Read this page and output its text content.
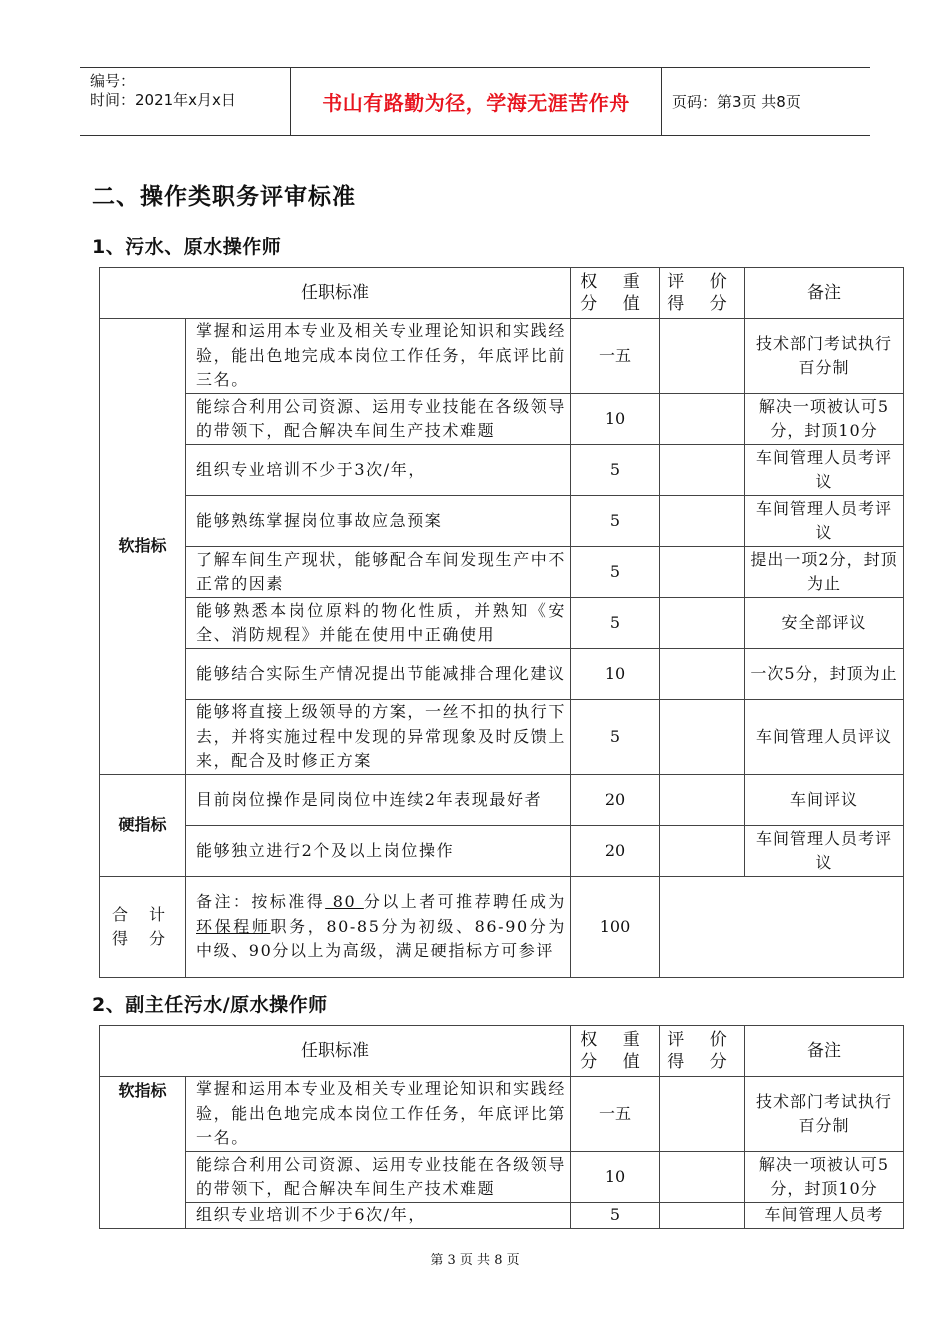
编号：
时间：2021年x月x日	书山有路勤为径，学海无涯苦作舟	页码：第3页 共8页
二、操作类职务评审标准
1、污水、原水操作师
任职标准		权 重 分 值	评 价 得 分	备注
软指标	掌握和运用本专业及相关专业理论知识和实践经验，能出色地完成本岗位工作任务，年底评比前三名。	一五		技术部门考试执行百分制
	能综合利用公司资源、运用专业技能在各级领导的带领下，配合解决车间生产技术难题	10		解决一项被认可5分，封顶10分
	组织专业培训不少于3次/年，	5		车间管理人员考评议
	能够熟练掌握岗位事故应急预案	5		车间管理人员考评议
	了解车间生产现状，能够配合车间发现生产中不正常的因素	5		提出一项2分，封顶为止
	能够熟悉本岗位原料的物化性质，并熟知《安全、消防规程》并能在使用中正确使用	5		安全部评议
	能够结合实际生产情况提出节能减排合理化建议	10		一次5分，封顶为止
	能够将直接上级领导的方案，一丝不扣的执行下去，并将实施过程中发现的异常现象及时反馈上来，配合及时修正方案	5		车间管理人员评议
硬指标	目前岗位操作是同岗位中连续2年表现最好者	20		车间评议
	能够独立进行2个及以上岗位操作	20		车间管理人员考评议
合 计 得 分	备注：按标准得 80 分以上者可推荐聘任成为环保程师职务，80-85分为初级、86-90分为中级、90分以上为高级，满足硬指标方可参评	100		
2、副主任污水/原水操作师
任职标准		权 重 分 值	评 价 得 分	备注
软指标	掌握和运用本专业及相关专业理论知识和实践经验，能出色地完成本岗位工作任务，年底评比第一名。	一五		技术部门考试执行百分制
	能综合利用公司资源、运用专业技能在各级领导的带领下，配合解决车间生产技术难题	10		解决一项被认可5分，封顶10分
	组织专业培训不少于6次/年，	5		车间管理人员考
第 3 页 共 8 页
